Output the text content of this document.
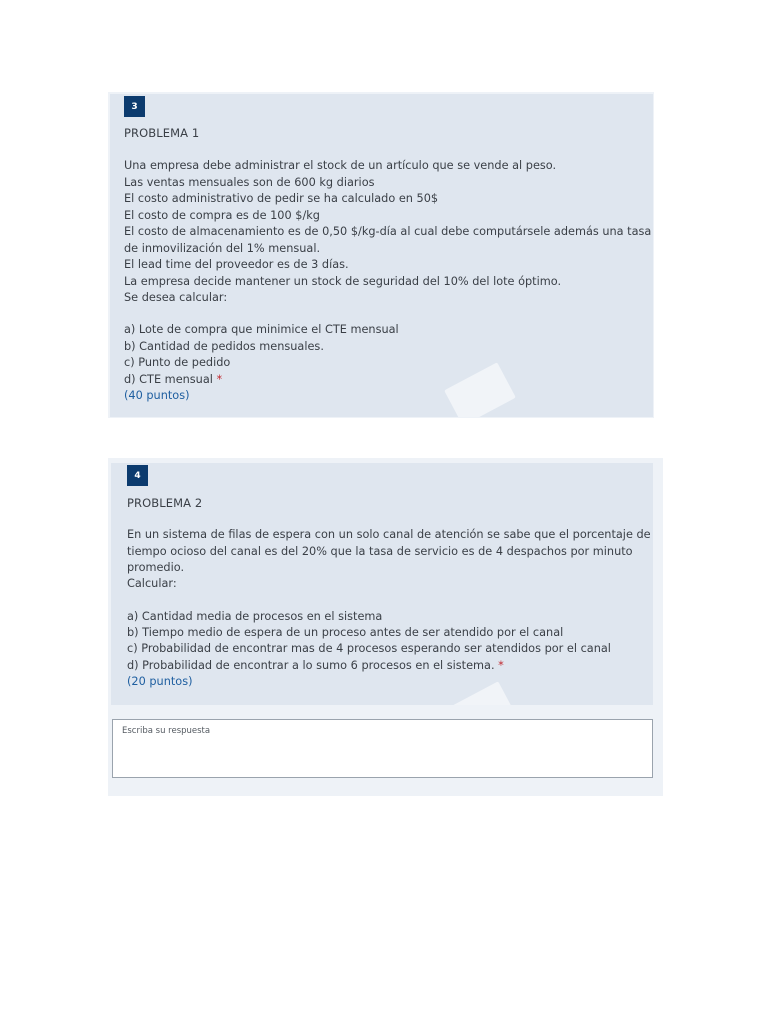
3
PROBLEMA 1
Una empresa debe administrar el stock de un artículo que se vende al peso.
Las ventas mensuales son de 600 kg diarios
El costo administrativo de pedir se ha calculado en 50$
El costo de compra es de 100 $/kg
El costo de almacenamiento es de 0,50 $/kg-día al cual debe computársele además una tasa
de inmovilización del 1% mensual.
El lead time del proveedor es de 3 días.
La empresa decide mantener un stock de seguridad del 10% del lote óptimo.
Se desea calcular:
a) Lote de compra que minimice el CTE mensual
b) Cantidad de pedidos mensuales.
c) Punto de pedido
d) CTE mensual *
(40 puntos)
4
PROBLEMA 2
En un sistema de filas de espera con un solo canal de atención se sabe que el porcentaje de
tiempo ocioso del canal es del 20% que la tasa de servicio es de 4 despachos por minuto
promedio.
Calcular:
a) Cantidad media de procesos en el sistema
b) Tiempo medio de espera de un proceso antes de ser atendido por el canal
c) Probabilidad de encontrar mas de 4 procesos esperando ser atendidos por el canal
d) Probabilidad de encontrar a lo sumo 6 procesos en el sistema. *
(20 puntos)
Escriba su respuesta
